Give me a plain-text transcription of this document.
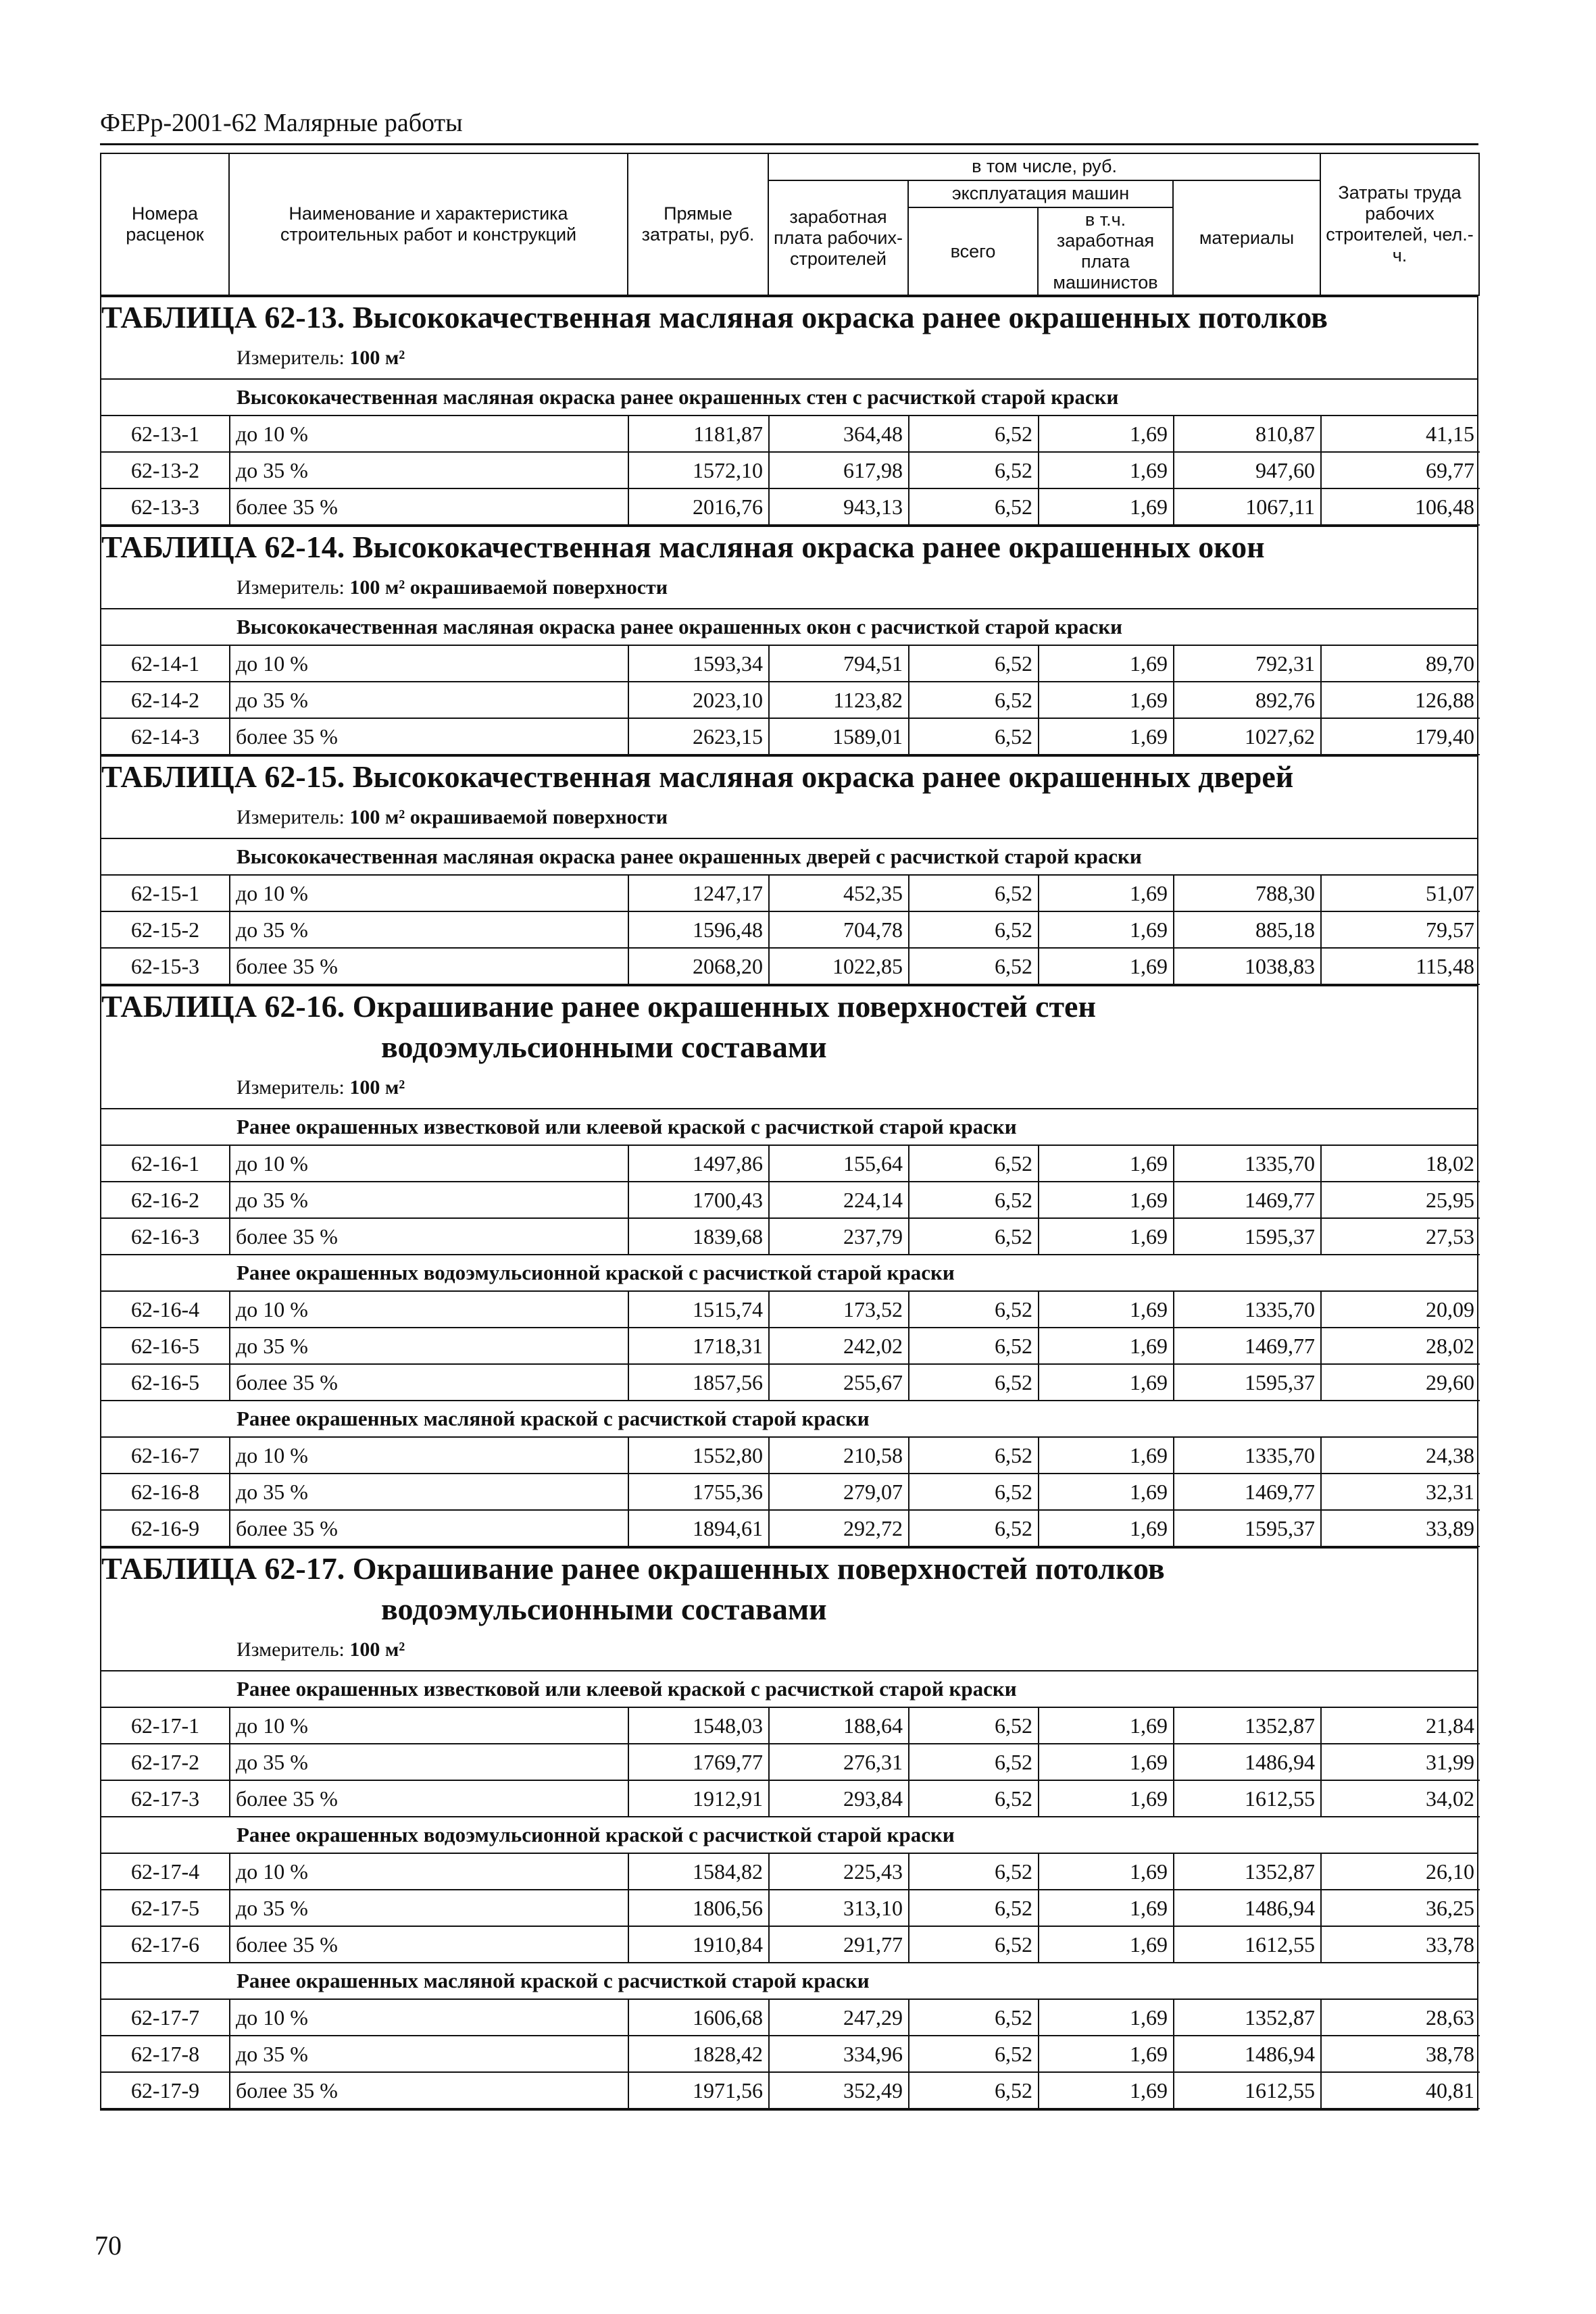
ФЕРр-2001-62 Малярные работы
Номера расценок	Наименование и характеристика строительных работ и конструкций	Прямые затраты, руб.	в том числе, руб.				Затраты труда рабочих строителей, чел.-ч.
			заработная плата рабочих-строителей	эксплуатация машин		материалы	
				всего	в т.ч. заработная плата машинистов		

ТАБЛИЦА 62-13. Высококачественная масляная окраска ранее окрашенных потолков
Измеритель: 100 м²
Высококачественная масляная окраска ранее окрашенных стен с расчисткой старой краски
62-13-1	до 10 %	1181,87	364,48	6,52	1,69	810,87	41,15
62-13-2	до 35 %	1572,10	617,98	6,52	1,69	947,60	69,77
62-13-3	более 35 %	2016,76	943,13	6,52	1,69	1067,11	106,48
ТАБЛИЦА 62-14. Высококачественная масляная окраска ранее окрашенных окон
Измеритель: 100 м² окрашиваемой поверхности
Высококачественная масляная окраска ранее окрашенных окон с расчисткой старой краски
62-14-1	до 10 %	1593,34	794,51	6,52	1,69	792,31	89,70
62-14-2	до 35 %	2023,10	1123,82	6,52	1,69	892,76	126,88
62-14-3	более 35 %	2623,15	1589,01	6,52	1,69	1027,62	179,40
ТАБЛИЦА 62-15. Высококачественная масляная окраска ранее окрашенных дверей
Измеритель: 100 м² окрашиваемой поверхности
Высококачественная масляная окраска ранее окрашенных дверей с расчисткой старой краски
62-15-1	до 10 %	1247,17	452,35	6,52	1,69	788,30	51,07
62-15-2	до 35 %	1596,48	704,78	6,52	1,69	885,18	79,57
62-15-3	более 35 %	2068,20	1022,85	6,52	1,69	1038,83	115,48
ТАБЛИЦА 62-16. Окрашивание ранее окрашенных поверхностей стен
водоэмульсионными составами
Измеритель: 100 м²
Ранее окрашенных известковой или клеевой краской с расчисткой старой краски
62-16-1	до 10 %	1497,86	155,64	6,52	1,69	1335,70	18,02
62-16-2	до 35 %	1700,43	224,14	6,52	1,69	1469,77	25,95
62-16-3	более 35 %	1839,68	237,79	6,52	1,69	1595,37	27,53
Ранее окрашенных водоэмульсионной краской с расчисткой старой краски
62-16-4	до 10 %	1515,74	173,52	6,52	1,69	1335,70	20,09
62-16-5	до 35 %	1718,31	242,02	6,52	1,69	1469,77	28,02
62-16-5	более 35 %	1857,56	255,67	6,52	1,69	1595,37	29,60
Ранее окрашенных масляной краской с расчисткой старой краски
62-16-7	до 10 %	1552,80	210,58	6,52	1,69	1335,70	24,38
62-16-8	до 35 %	1755,36	279,07	6,52	1,69	1469,77	32,31
62-16-9	более 35 %	1894,61	292,72	6,52	1,69	1595,37	33,89
ТАБЛИЦА 62-17. Окрашивание ранее окрашенных поверхностей потолков
водоэмульсионными составами
Измеритель: 100 м²
Ранее окрашенных известковой или клеевой краской с расчисткой старой краски
62-17-1	до 10 %	1548,03	188,64	6,52	1,69	1352,87	21,84
62-17-2	до 35 %	1769,77	276,31	6,52	1,69	1486,94	31,99
62-17-3	более 35 %	1912,91	293,84	6,52	1,69	1612,55	34,02
Ранее окрашенных водоэмульсионной краской с расчисткой старой краски
62-17-4	до 10 %	1584,82	225,43	6,52	1,69	1352,87	26,10
62-17-5	до 35 %	1806,56	313,10	6,52	1,69	1486,94	36,25
62-17-6	более 35 %	1910,84	291,77	6,52	1,69	1612,55	33,78
Ранее окрашенных масляной краской с расчисткой старой краски
62-17-7	до 10 %	1606,68	247,29	6,52	1,69	1352,87	28,63
62-17-8	до 35 %	1828,42	334,96	6,52	1,69	1486,94	38,78
62-17-9	более 35 %	1971,56	352,49	6,52	1,69	1612,55	40,81
70
